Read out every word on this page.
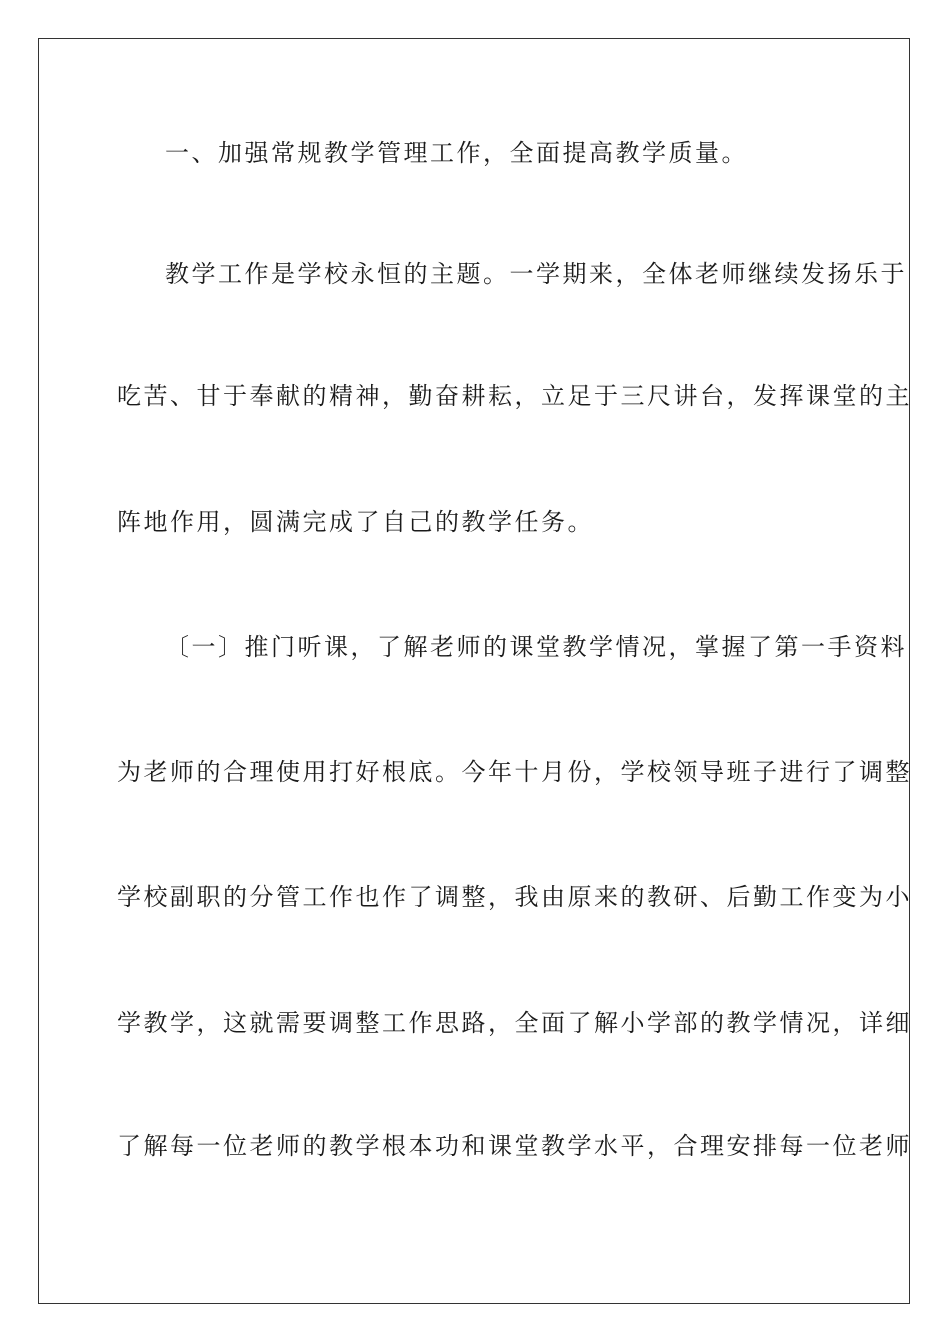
一、加强常规教学管理工作，全面提高教学质量。
教学工作是学校永恒的主题。一学期来，全体老师继续发扬乐于
吃苦、甘于奉献的精神，勤奋耕耘，立足于三尺讲台，发挥课堂的主
阵地作用，圆满完成了自己的教学任务。
〔一〕推门听课，了解老师的课堂教学情况，掌握了第一手资料
为老师的合理使用打好根底。今年十月份，学校领导班子进行了调整
学校副职的分管工作也作了调整，我由原来的教研、后勤工作变为小
学教学，这就需要调整工作思路，全面了解小学部的教学情况，详细
了解每一位老师的教学根本功和课堂教学水平，合理安排每一位老师
